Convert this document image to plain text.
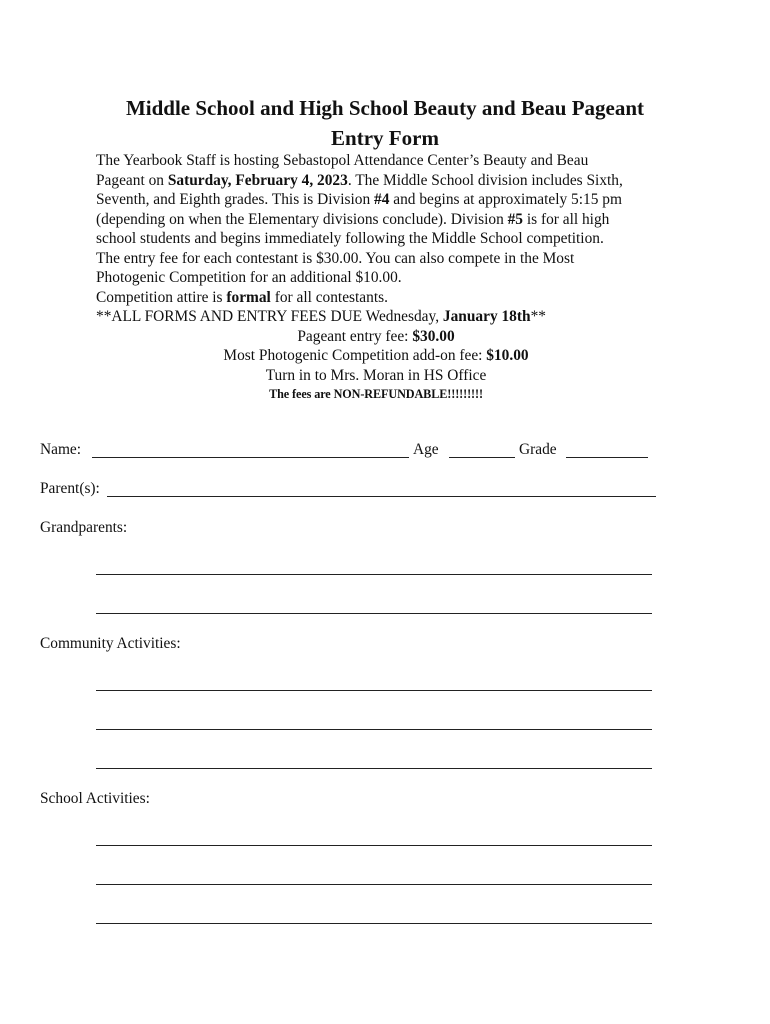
Middle School and High School Beauty and Beau Pageant
Entry Form
The Yearbook Staff is hosting Sebastopol Attendance Center’s Beauty and Beau
Pageant on Saturday, February 4, 2023. The Middle School division includes Sixth,
Seventh, and Eighth grades. This is Division #4 and begins at approximately 5:15 pm
(depending on when the Elementary divisions conclude). Division #5 is for all high
school students and begins immediately following the Middle School competition.
The entry fee for each contestant is $30.00. You can also compete in the Most
Photogenic Competition for an additional $10.00.
Competition attire is formal for all contestants.
**ALL FORMS AND ENTRY FEES DUE Wednesday, January 18th**
Pageant entry fee: $30.00
Most Photogenic Competition add-on fee: $10.00
Turn in to Mrs. Moran in HS Office
The fees are NON-REFUNDABLE!!!!!!!!!
Name:	Age	Grade
Parent(s):
Grandparents:
Community Activities:
School Activities:
